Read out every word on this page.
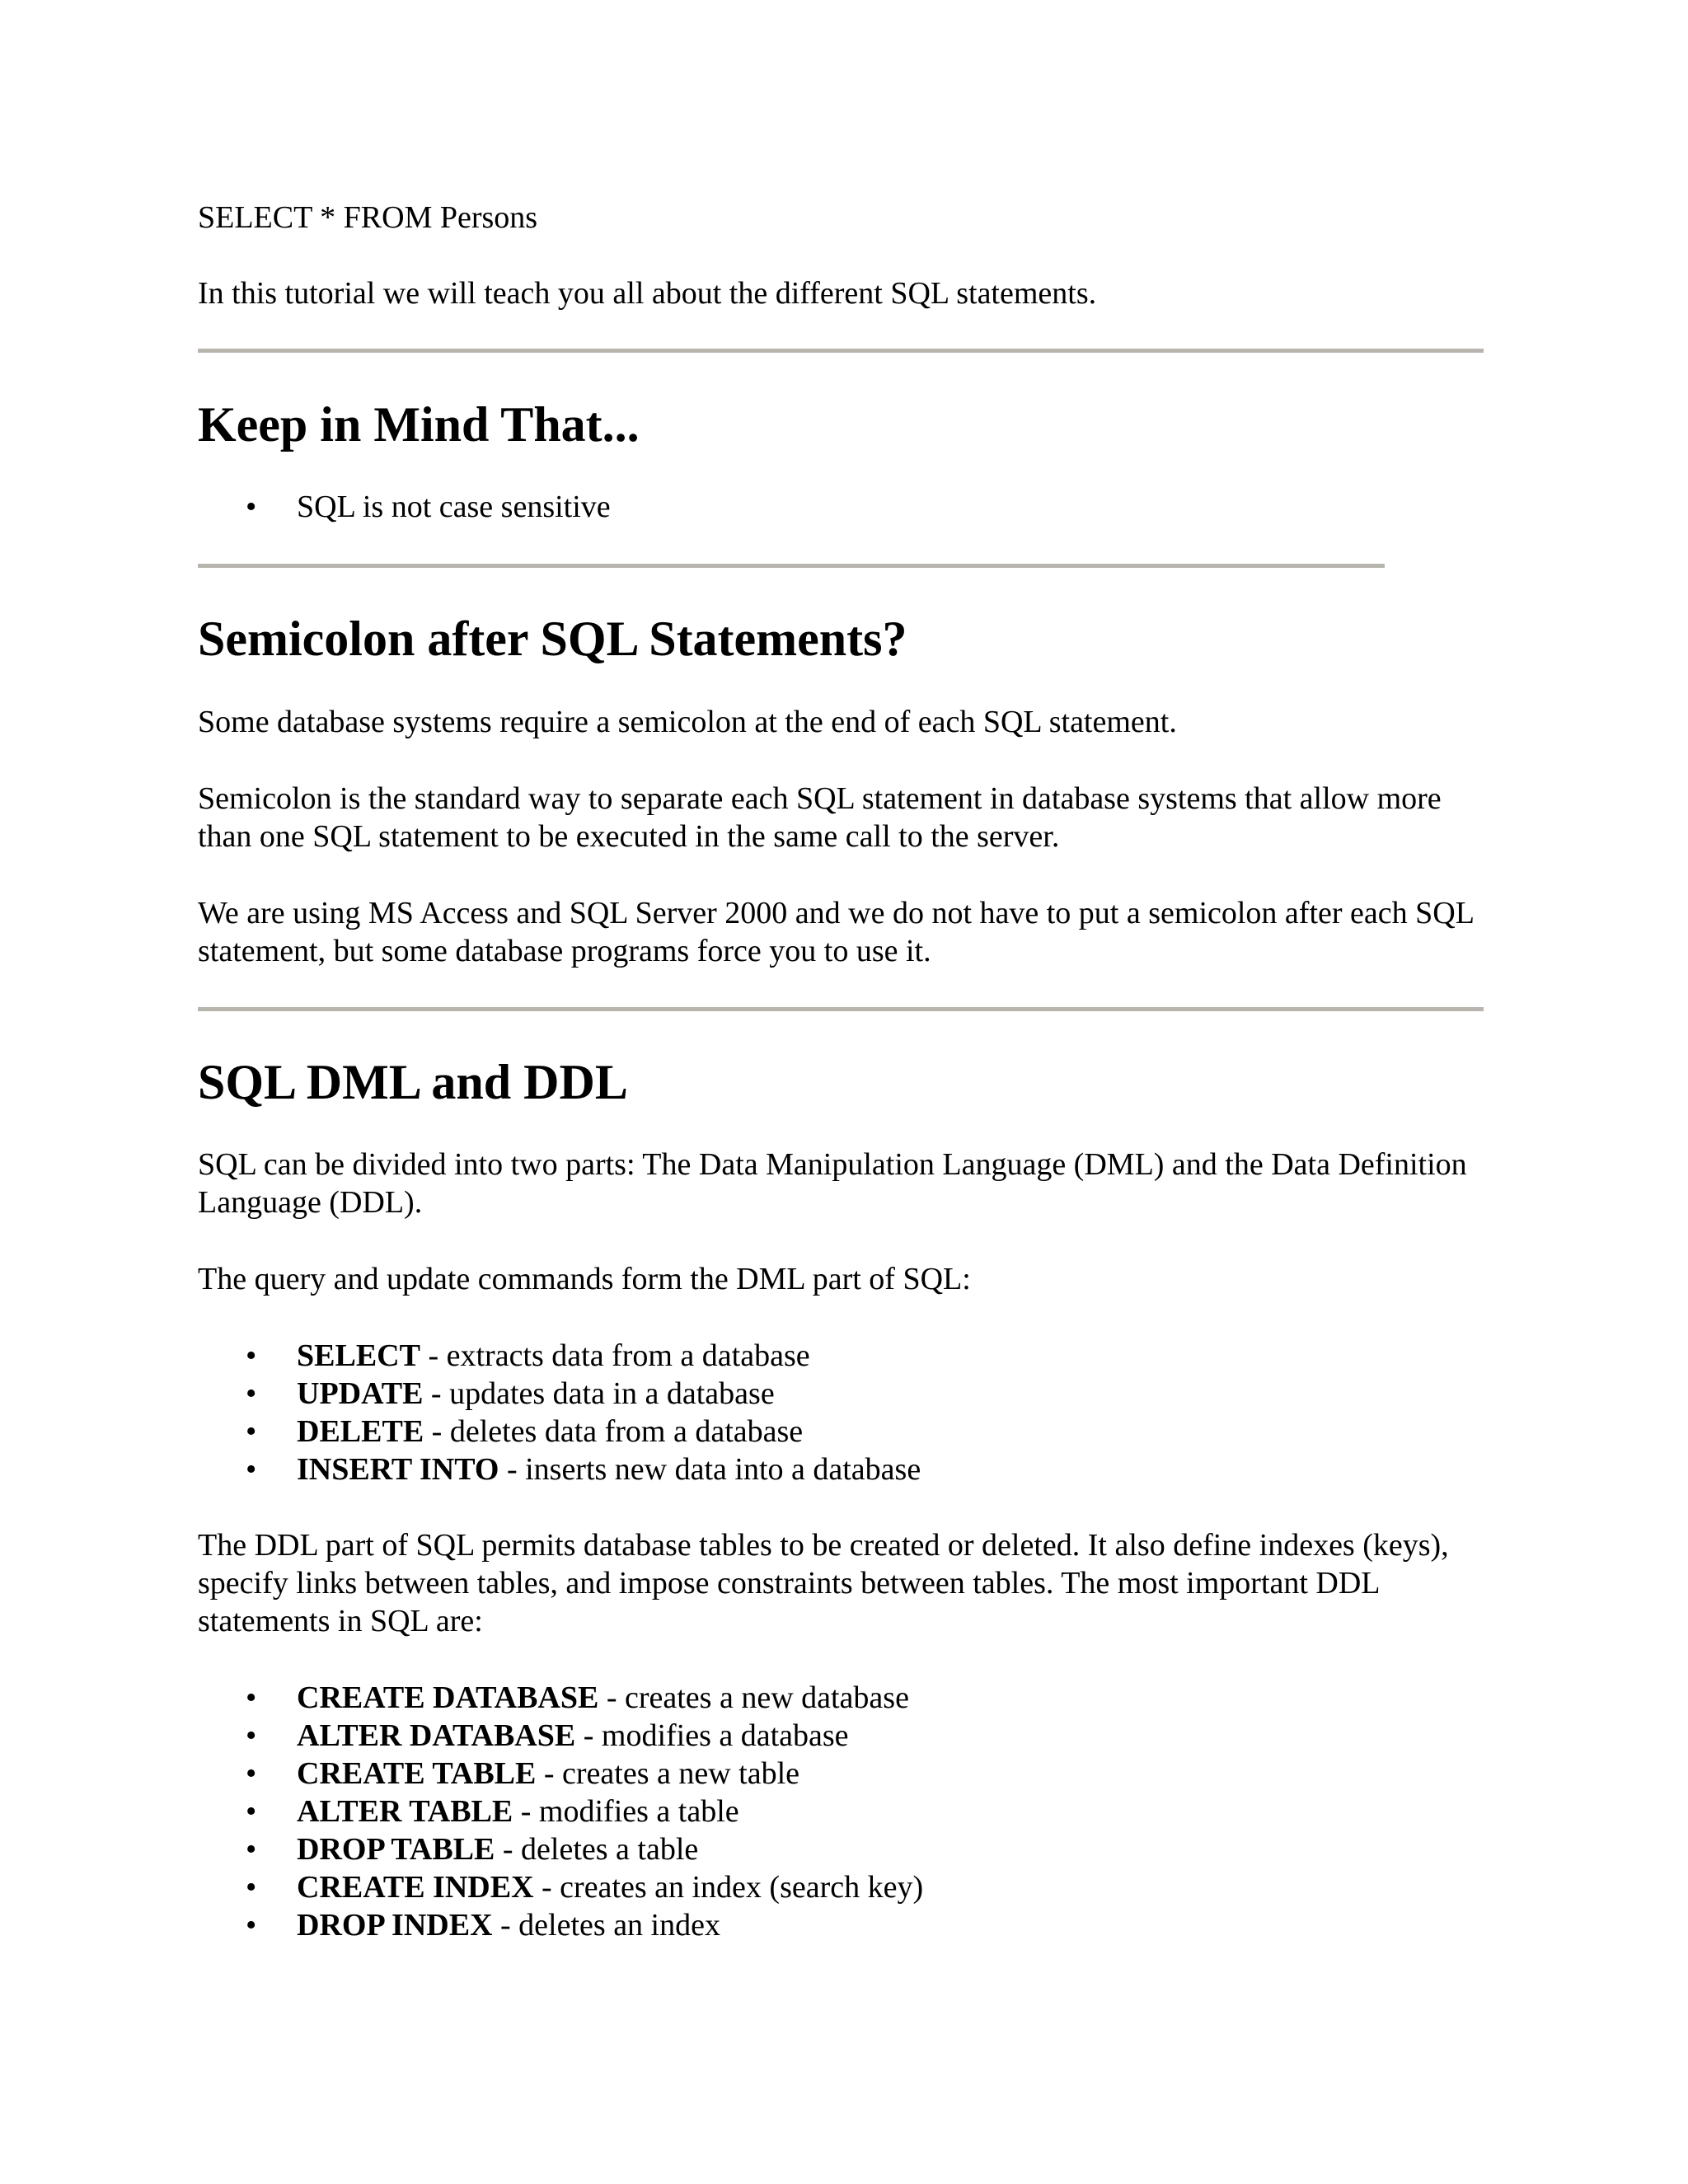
SELECT * FROM Persons

In this tutorial we will teach you all about the different SQL statements.

Keep in Mind That...
• SQL is not case sensitive
Semicolon after SQL Statements?

Some database systems require a semicolon at the end of each SQL statement.

Semicolon is the standard way to separate each SQL statement in database systems that allow more than one SQL statement to be executed in the same call to the server.

We are using MS Access and SQL Server 2000 and we do not have to put a semicolon after each SQL statement, but some database programs force you to use it.

SQL DML and DDL

SQL can be divided into two parts: The Data Manipulation Language (DML) and the Data Definition Language (DDL).

The query and update commands form the DML part of SQL:

• SELECT - extracts data from a database
• UPDATE - updates data in a database
• DELETE - deletes data from a database
• INSERT INTO - inserts new data into a database

The DDL part of SQL permits database tables to be created or deleted. It also define indexes (keys), specify links between tables, and impose constraints between tables. The most important DDL statements in SQL are:

• CREATE DATABASE - creates a new database
• ALTER DATABASE - modifies a database
• CREATE TABLE - creates a new table
• ALTER TABLE - modifies a table
• DROP TABLE - deletes a table
• CREATE INDEX - creates an index (search key)
• DROP INDEX - deletes an index
